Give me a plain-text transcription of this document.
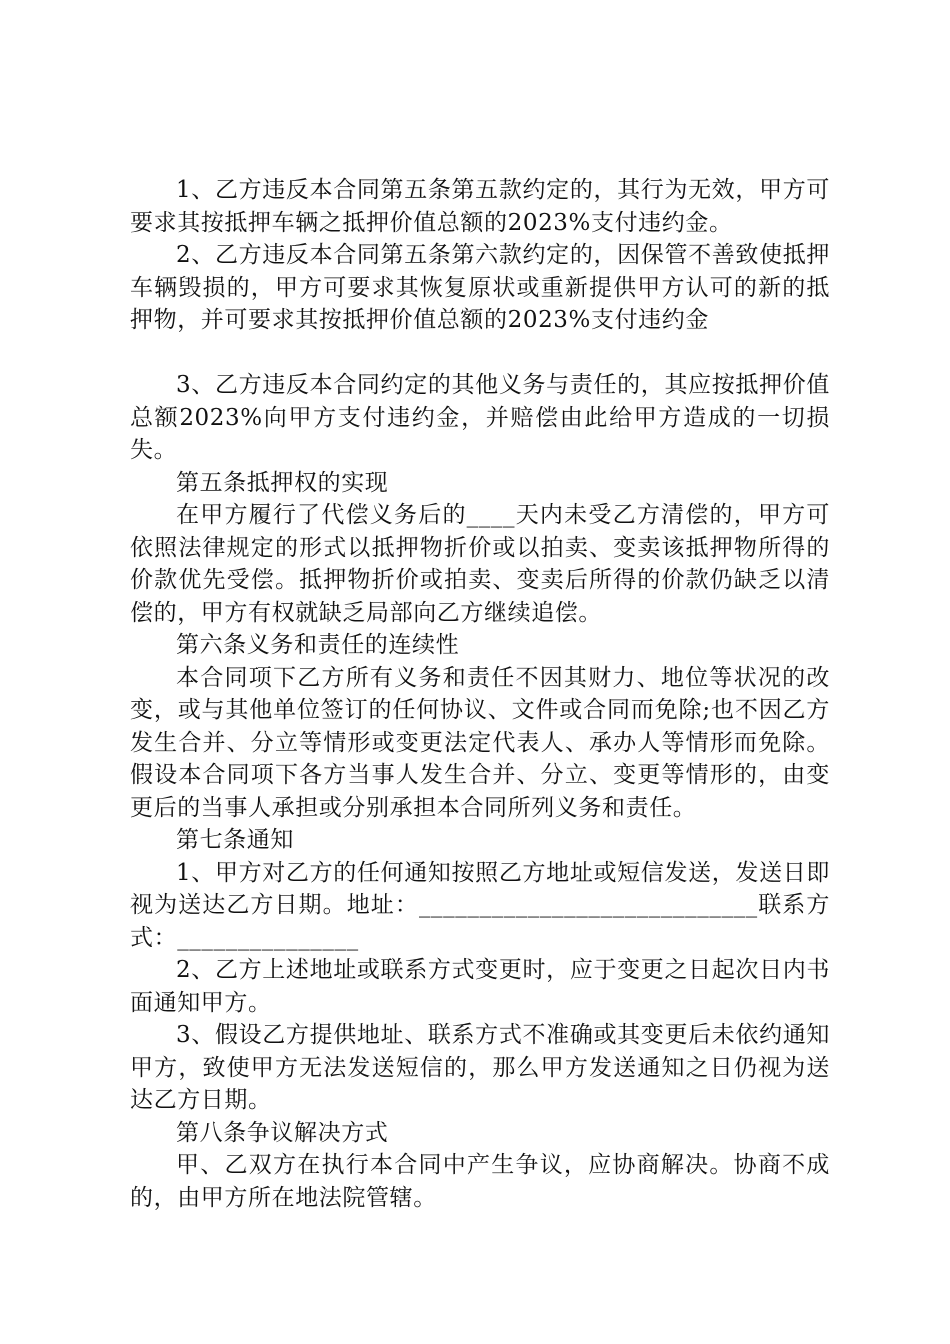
1、乙方违反本合同第五条第五款约定的，其行为无效，甲方可要求其按抵押车辆之抵押价值总额的2023%支付违约金。

2、乙方违反本合同第五条第六款约定的，因保管不善致使抵押车辆毁损的，甲方可要求其恢复原状或重新提供甲方认可的新的抵押物，并可要求其按抵押价值总额的2023%支付违约金

3、乙方违反本合同约定的其他义务与责任的，其应按抵押价值总额2023%向甲方支付违约金，并赔偿由此给甲方造成的一切损失。

第五条抵押权的实现

在甲方履行了代偿义务后的____天内未受乙方清偿的，甲方可依照法律规定的形式以抵押物折价或以拍卖、变卖该抵押物所得的价款优先受偿。抵押物折价或拍卖、变卖后所得的价款仍缺乏以清偿的，甲方有权就缺乏局部向乙方继续追偿。

第六条义务和责任的连续性

本合同项下乙方所有义务和责任不因其财力、地位等状况的改变，或与其他单位签订的任何协议、文件或合同而免除;也不因乙方发生合并、分立等情形或变更法定代表人、承办人等情形而免除。假设本合同项下各方当事人发生合并、分立、变更等情形的，由变更后的当事人承担或分别承担本合同所列义务和责任。

第七条通知

1、甲方对乙方的任何通知按照乙方地址或短信发送，发送日即视为送达乙方日期。地址：____________________________联系方式：_______________

2、乙方上述地址或联系方式变更时，应于变更之日起次日内书面通知甲方。

3、假设乙方提供地址、联系方式不准确或其变更后未依约通知甲方，致使甲方无法发送短信的，那么甲方发送通知之日仍视为送达乙方日期。

第八条争议解决方式

甲、乙双方在执行本合同中产生争议，应协商解决。协商不成的，由甲方所在地法院管辖。
